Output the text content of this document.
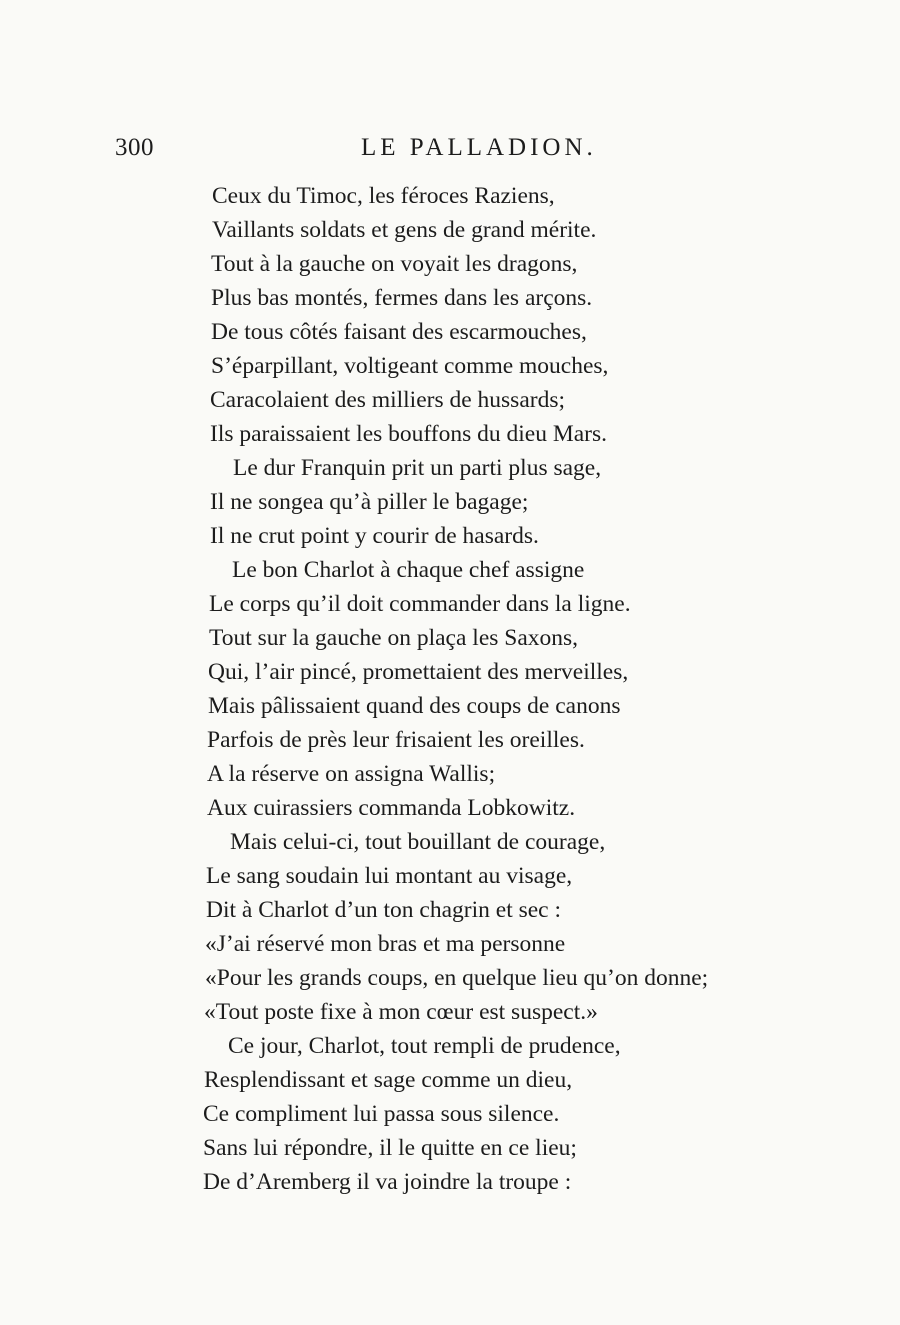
300	LE PALLADION.
Ceux du Timoc, les féroces Raziens,
Vaillants soldats et gens de grand mérite.
Tout à la gauche on voyait les dragons,
Plus bas montés, fermes dans les arçons.
De tous côtés faisant des escarmouches,
S’éparpillant, voltigeant comme mouches,
Caracolaient des milliers de hussards;
Ils paraissaient les bouffons du dieu Mars.
Le dur Franquin prit un parti plus sage,
Il ne songea qu’à piller le bagage;
Il ne crut point y courir de hasards.
Le bon Charlot à chaque chef assigne
Le corps qu’il doit commander dans la ligne.
Tout sur la gauche on plaça les Saxons,
Qui, l’air pincé, promettaient des merveilles,
Mais pâlissaient quand des coups de canons
Parfois de près leur frisaient les oreilles.
A la réserve on assigna Wallis;
Aux cuirassiers commanda Lobkowitz.
Mais celui-ci, tout bouillant de courage,
Le sang soudain lui montant au visage,
Dit à Charlot d’un ton chagrin et sec :
«J’ai réservé mon bras et ma personne
«Pour les grands coups, en quelque lieu qu’on donne;
«Tout poste fixe à mon cœur est suspect.»
Ce jour, Charlot, tout rempli de prudence,
Resplendissant et sage comme un dieu,
Ce compliment lui passa sous silence.
Sans lui répondre, il le quitte en ce lieu;
De d’Aremberg il va joindre la troupe :
